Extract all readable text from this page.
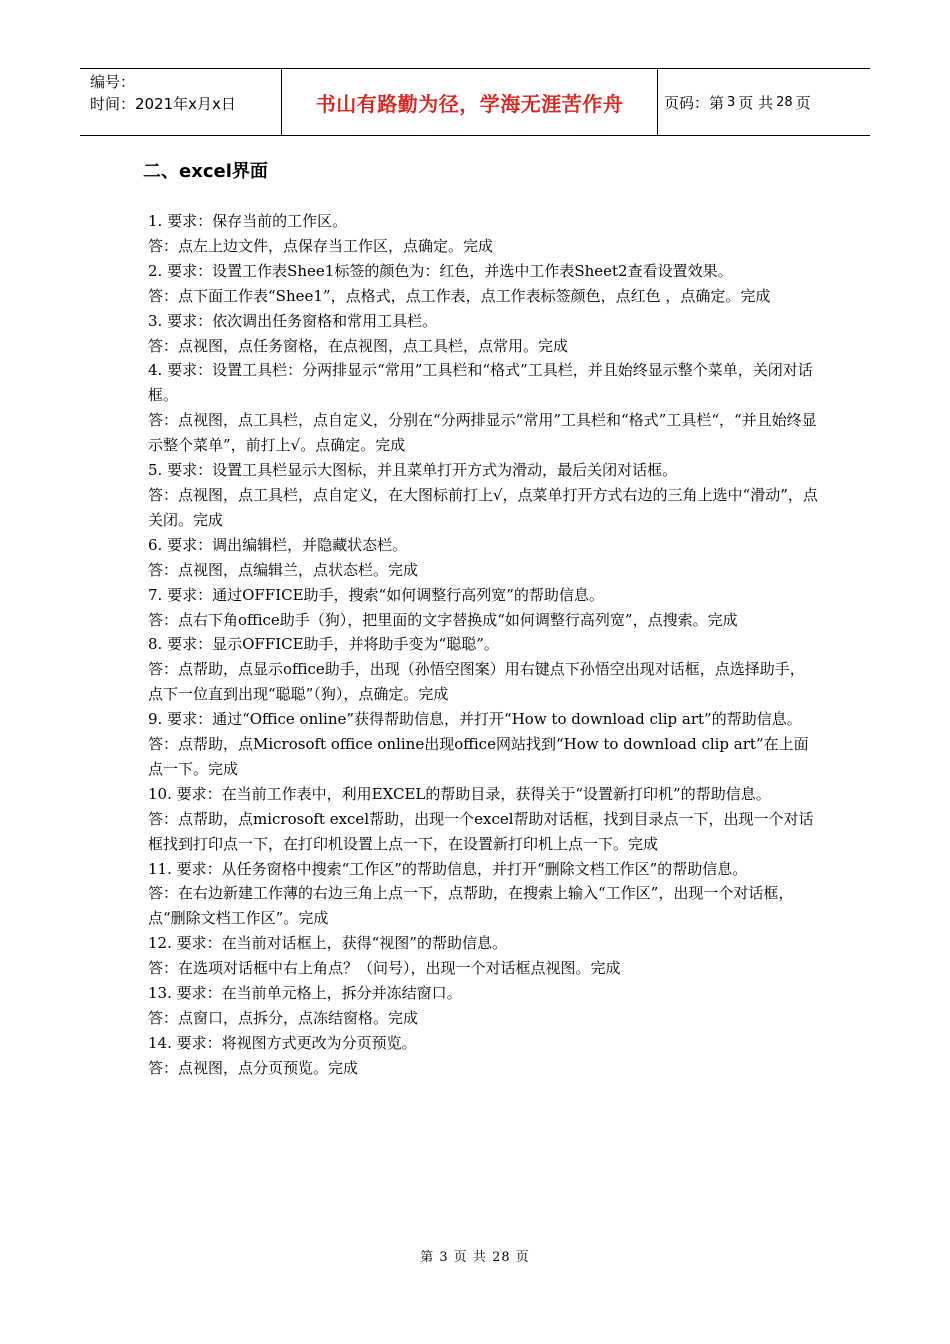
编号：
时间：2021年x月x日	书山有路勤为径，学海无涯苦作舟	页码：第 3 页 共 28 页
二、excel界面

1. 要求：保存当前的工作区。

答：点左上边文件，点保存当工作区，点确定。完成

2. 要求：设置工作表Shee1标签的颜色为：红色，并选中工作表Sheet2查看设置效果。

答：点下面工作表“Shee1”，点格式，点工作表，点工作表标签颜色，点红色 ，点确定。完成

3. 要求：依次调出任务窗格和常用工具栏。

答：点视图，点任务窗格，在点视图，点工具栏，点常用。完成

4. 要求：设置工具栏：分两排显示“常用”工具栏和“格式”工具栏，并且始终显示整个菜单，关闭对话框。

答：点视图，点工具栏，点自定义，分别在“分两排显示“常用”工具栏和“格式”工具栏“，“并且始终显示整个菜单”，前打上√。点确定。完成

5. 要求：设置工具栏显示大图标，并且菜单打开方式为滑动，最后关闭对话框。

答：点视图，点工具栏，点自定义，在大图标前打上√，点菜单打开方式右边的三角上选中“滑动”，点关闭。完成

6. 要求：调出编辑栏，并隐藏状态栏。

答：点视图，点编辑兰，点状态栏。完成

7. 要求：通过OFFICE助手，搜索“如何调整行高列宽”的帮助信息。

答：点右下角office助手（狗），把里面的文字替换成“如何调整行高列宽”，点搜索。完成

8. 要求：显示OFFICE助手，并将助手变为“聪聪”。

答：点帮助，点显示office助手，出现（孙悟空图案）用右键点下孙悟空出现对话框，点选择助手，点下一位直到出现“聪聪”（狗），点确定。完成

9. 要求：通过“Office online”获得帮助信息，并打开“How to download clip art”的帮助信息。

答：点帮助，点Microsoft office online出现office网站找到“How to download clip art”在上面点一下。完成

10. 要求：在当前工作表中，利用EXCEL的帮助目录，获得关于“设置新打印机”的帮助信息。

答：点帮助，点microsoft excel帮助，出现一个excel帮助对话框，找到目录点一下，出现一个对话框找到打印点一下，在打印机设置上点一下，在设置新打印机上点一下。完成

11. 要求：从任务窗格中搜索“工作区”的帮助信息，并打开“删除文档工作区”的帮助信息。

答：在右边新建工作薄的右边三角上点一下，点帮助，在搜索上输入“工作区”，出现一个对话框，点“删除文档工作区”。完成

12. 要求：在当前对话框上，获得“视图”的帮助信息。

答：在选项对话框中右上角点？（问号），出现一个对话框点视图。完成

13. 要求：在当前单元格上，拆分并冻结窗口。

答：点窗口，点拆分，点冻结窗格。完成

14. 要求：将视图方式更改为分页预览。

答：点视图，点分页预览。完成

第 3 页 共 28 页
